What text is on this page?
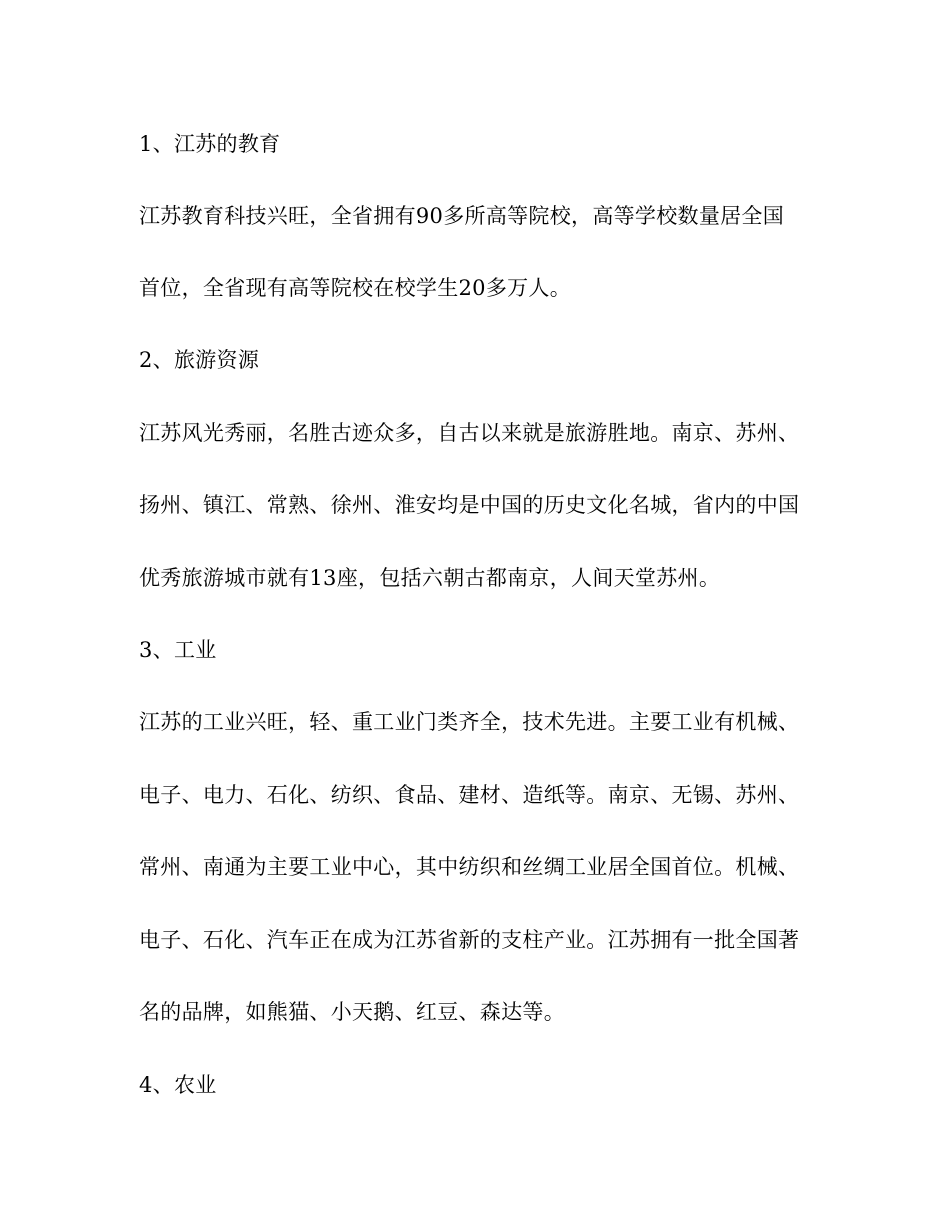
1、江苏的教育

江苏教育科技兴旺，全省拥有90多所高等院校，高等学校数量居全国

首位，全省现有高等院校在校学生20多万人。

2、旅游资源

江苏风光秀丽，名胜古迹众多，自古以来就是旅游胜地。南京、苏州、

扬州、镇江、常熟、徐州、淮安均是中国的历史文化名城，省内的中国

优秀旅游城市就有13座，包括六朝古都南京，人间天堂苏州。

3、工业

江苏的工业兴旺，轻、重工业门类齐全，技术先进。主要工业有机械、

电子、电力、石化、纺织、食品、建材、造纸等。南京、无锡、苏州、

常州、南通为主要工业中心，其中纺织和丝绸工业居全国首位。机械、

电子、石化、汽车正在成为江苏省新的支柱产业。江苏拥有一批全国著

名的品牌，如熊猫、小天鹅、红豆、森达等。

4、农业
